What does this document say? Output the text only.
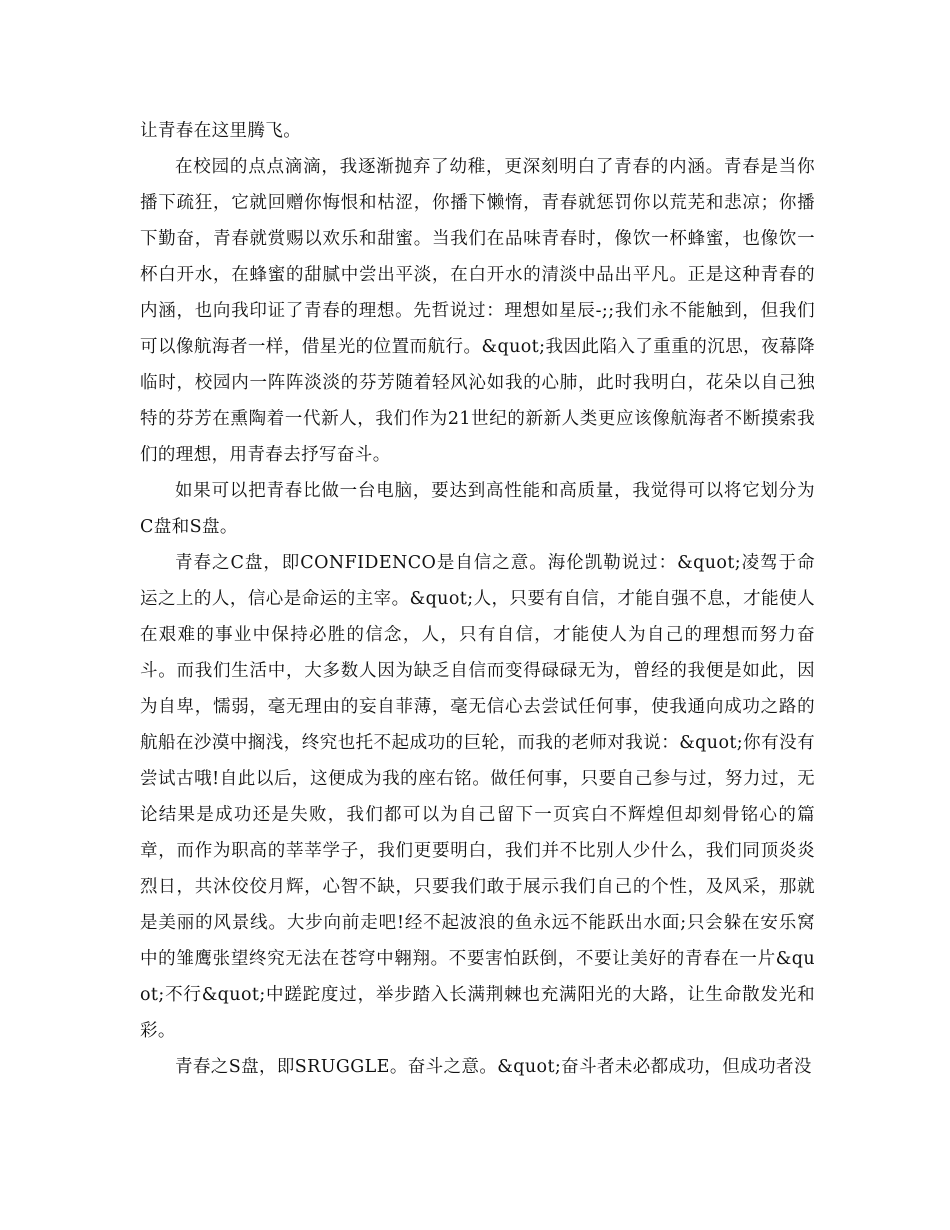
让青春在这里腾飞。

在校园的点点滴滴，我逐渐抛弃了幼稚，更深刻明白了青春的内涵。青春是当你播下疏狂，它就回赠你悔恨和枯涩，你播下懒惰，青春就惩罚你以荒芜和悲凉；你播下勤奋，青春就赏赐以欢乐和甜蜜。当我们在品味青春时，像饮一杯蜂蜜，也像饮一杯白开水，在蜂蜜的甜腻中尝出平淡，在白开水的清淡中品出平凡。正是这种青春的内涵，也向我印证了青春的理想。先哲说过：理想如星辰-;;我们永不能触到，但我们可以像航海者一样，借星光的位置而航行。&quot;我因此陷入了重重的沉思，夜幕降临时，校园内一阵阵淡淡的芬芳随着轻风沁如我的心肺，此时我明白，花朵以自己独特的芬芳在熏陶着一代新人，我们作为21世纪的新新人类更应该像航海者不断摸索我们的理想，用青春去抒写奋斗。

如果可以把青春比做一台电脑，要达到高性能和高质量，我觉得可以将它划分为C盘和S盘。

青春之C盘，即CONFIDENCO是自信之意。海伦凯勒说过：&quot;凌驾于命运之上的人，信心是命运的主宰。&quot;人，只要有自信，才能自强不息，才能使人在艰难的事业中保持必胜的信念，人，只有自信，才能使人为自己的理想而努力奋斗。而我们生活中，大多数人因为缺乏自信而变得碌碌无为，曾经的我便是如此，因为自卑，懦弱，毫无理由的妄自菲薄，毫无信心去尝试任何事，使我通向成功之路的航船在沙漠中搁浅，终究也托不起成功的巨轮，而我的老师对我说：&quot;你有没有尝试古哦!自此以后，这便成为我的座右铭。做任何事，只要自己参与过，努力过，无论结果是成功还是失败，我们都可以为自己留下一页宾白不辉煌但却刻骨铭心的篇章，而作为职高的莘莘学子，我们更要明白，我们并不比别人少什么，我们同顶炎炎烈日，共沐佼佼月辉，心智不缺，只要我们敢于展示我们自己的个性，及风采，那就是美丽的风景线。大步向前走吧!经不起波浪的鱼永远不能跃出水面;只会躲在安乐窝中的雏鹰张望终究无法在苍穹中翱翔。不要害怕跃倒，不要让美好的青春在一片&quot;不行&quot;中蹉跎度过，举步踏入长满荆棘也充满阳光的大路，让生命散发光和彩。

青春之S盘，即SRUGGLE。奋斗之意。&quot;奋斗者未必都成功，但成功者没
